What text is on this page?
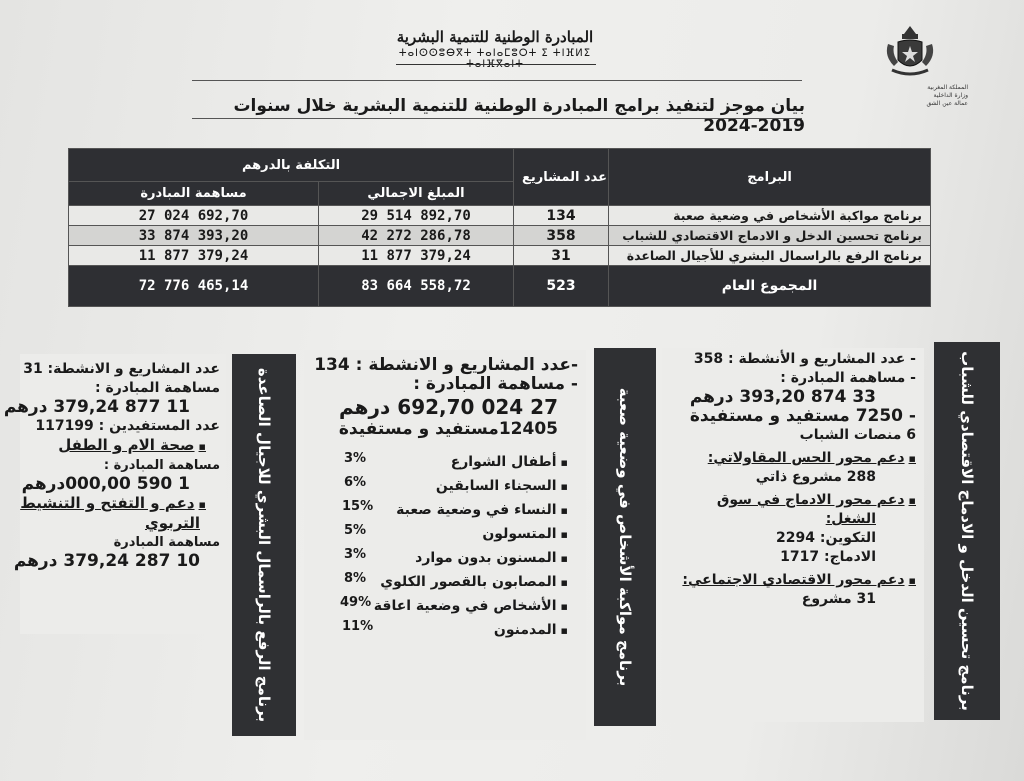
المبادرة الوطنية للتنمية البشرية
ⵜⴰⵏⵙⵙⵓⴱⴳⵜ ⵜⴰⵏⴰⵎⵓⵔⵜ ⵉ ⵜⵏⴼⵍⵉ ⵜⴰⵏⴼⴳⴰⵏⵜ
المملكة المغربية
وزارة الداخلية
عمالة عين الشق
بيان موجز لتنفيذ برامج المبادرة الوطنية للتنمية البشرية خلال سنوات 2019-2024
التكلفة بالدرهم		عدد المشاريع	البرامج
مساهمة المبادرة	المبلغ الاجمالي		
27 024 692,70	29 514 892,70	134	برنامج مواكبة الأشخاص في وضعية صعبة
33 874 393,20	42 272 286,78	358	برنامج تحسين الدخل و الادماج الاقتصادي للشباب
11 877 379,24	11 877 379,24	31	برنامج الرفع بالراسمال البشري للأجيال الصاعدة
72 776 465,14	83 664 558,72	523	المجموع العام
برنامج تحسين الدخل و الادماج الاقتصادي للشباب
- عدد المشاريع و الأنشطة : 358
- مساهمة المبادرة :
33 874 393,20 درهم
- 7250 مستفيد و مستفيدة
6 منصات الشباب
▪ دعم محور الحس المقاولاتي:
288 مشروع ذاتي
▪ دعم محور الادماج في سوق
الشغل:
التكوين: 2294
الادماج: 1717
▪ دعم محور الاقتصادي الاجتماعي:
31 مشروع
برنامج مواكبة الأشخاص في وضعية صعبة
-عدد المشاريع و الانشطة : 134
- مساهمة المبادرة :
27 024 692,70 درهم
12405مستفيد و مستفيدة
▪ أطفال الشوارع
3%
▪ السجناء السابقين
6%
▪ النساء في وضعية صعبة
15%
▪ المتسولون
5%
▪ المسنون بدون موارد
3%
▪ المصابون بالقصور الكلوي
8%
▪ الأشخاص في وضعية اعاقة
49%
▪ المدمنون
11%
برنامج الرفع بالراسمال البشري للاجيال الصاعدة
عدد المشاريع و الانشطة: 31
مساهمة المبادرة :
11 877 379,24 درهم
عدد المستفيدين : 117199
▪ صحة الام و الطفل
مساهمة المبادرة :
1 590 000,00درهم
▪ دعم و التفتح و التنشيط
التربوي
مساهمة المبادرة
10 287 379,24 درهم
